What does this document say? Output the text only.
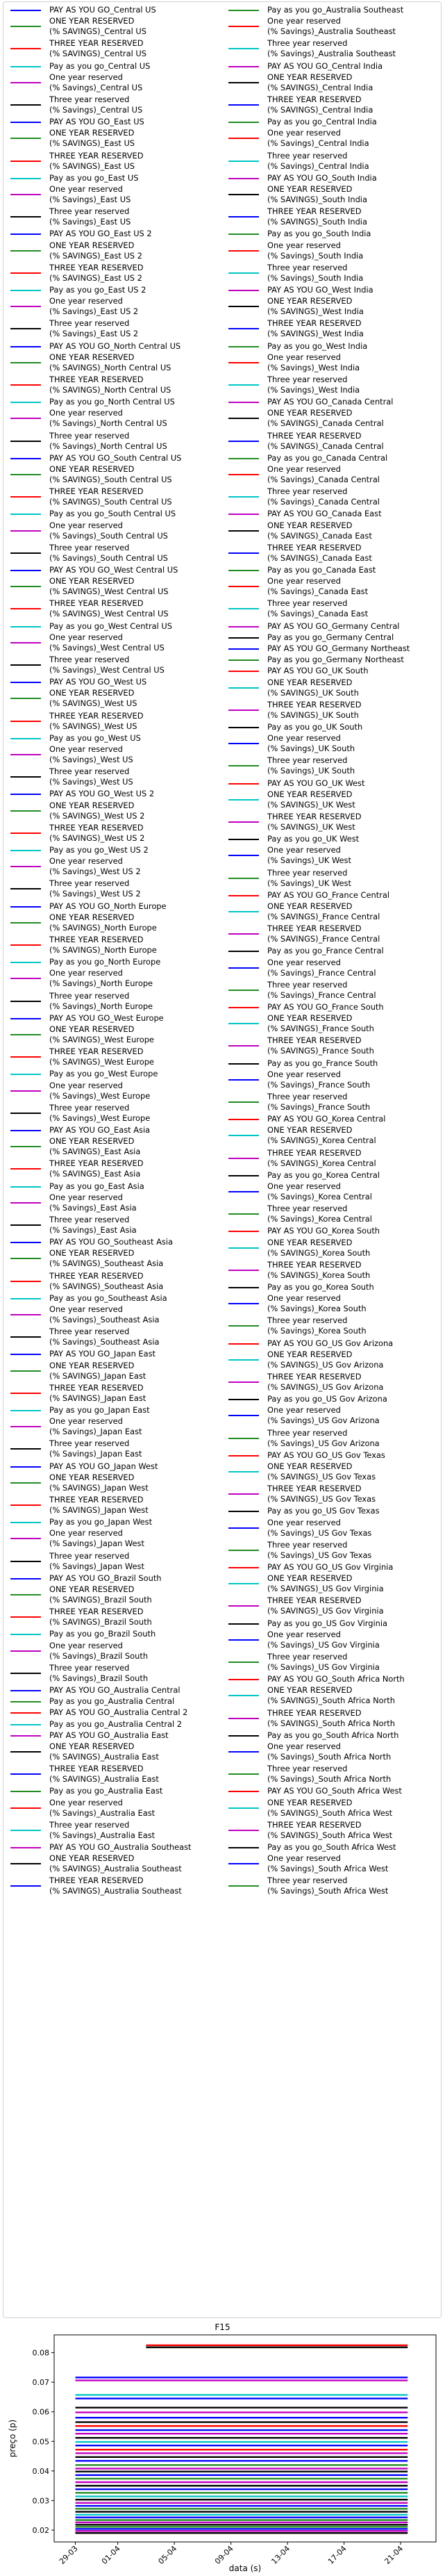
PAY AS YOU GO_Central US
ONE YEAR RESERVED
(% SAVINGS)_Central US
THREE YEAR RESERVED
(% SAVINGS)_Central US
Pay as you go_Central US
One year reserved
(% Savings)_Central US
Three year reserved
(% Savings)_Central US
PAY AS YOU GO_East US
ONE YEAR RESERVED
(% SAVINGS)_East US
THREE YEAR RESERVED
(% SAVINGS)_East US
Pay as you go_East US
One year reserved
(% Savings)_East US
Three year reserved
(% Savings)_East US
PAY AS YOU GO_East US 2
ONE YEAR RESERVED
(% SAVINGS)_East US 2
THREE YEAR RESERVED
(% SAVINGS)_East US 2
Pay as you go_East US 2
One year reserved
(% Savings)_East US 2
Three year reserved
(% Savings)_East US 2
PAY AS YOU GO_North Central US
ONE YEAR RESERVED
(% SAVINGS)_North Central US
THREE YEAR RESERVED
(% SAVINGS)_North Central US
Pay as you go_North Central US
One year reserved
(% Savings)_North Central US
Three year reserved
(% Savings)_North Central US
PAY AS YOU GO_South Central US
ONE YEAR RESERVED
(% SAVINGS)_South Central US
THREE YEAR RESERVED
(% SAVINGS)_South Central US
Pay as you go_South Central US
One year reserved
(% Savings)_South Central US
Three year reserved
(% Savings)_South Central US
PAY AS YOU GO_West Central US
ONE YEAR RESERVED
(% SAVINGS)_West Central US
THREE YEAR RESERVED
(% SAVINGS)_West Central US
Pay as you go_West Central US
One year reserved
(% Savings)_West Central US
Three year reserved
(% Savings)_West Central US
PAY AS YOU GO_West US
ONE YEAR RESERVED
(% SAVINGS)_West US
THREE YEAR RESERVED
(% SAVINGS)_West US
Pay as you go_West US
One year reserved
(% Savings)_West US
Three year reserved
(% Savings)_West US
PAY AS YOU GO_West US 2
ONE YEAR RESERVED
(% SAVINGS)_West US 2
THREE YEAR RESERVED
(% SAVINGS)_West US 2
Pay as you go_West US 2
One year reserved
(% Savings)_West US 2
Three year reserved
(% Savings)_West US 2
PAY AS YOU GO_North Europe
ONE YEAR RESERVED
(% SAVINGS)_North Europe
THREE YEAR RESERVED
(% SAVINGS)_North Europe
Pay as you go_North Europe
One year reserved
(% Savings)_North Europe
Three year reserved
(% Savings)_North Europe
PAY AS YOU GO_West Europe
ONE YEAR RESERVED
(% SAVINGS)_West Europe
THREE YEAR RESERVED
(% SAVINGS)_West Europe
Pay as you go_West Europe
One year reserved
(% Savings)_West Europe
Three year reserved
(% Savings)_West Europe
PAY AS YOU GO_East Asia
ONE YEAR RESERVED
(% SAVINGS)_East Asia
THREE YEAR RESERVED
(% SAVINGS)_East Asia
Pay as you go_East Asia
One year reserved
(% Savings)_East Asia
Three year reserved
(% Savings)_East Asia
PAY AS YOU GO_Southeast Asia
ONE YEAR RESERVED
(% SAVINGS)_Southeast Asia
THREE YEAR RESERVED
(% SAVINGS)_Southeast Asia
Pay as you go_Southeast Asia
One year reserved
(% Savings)_Southeast Asia
Three year reserved
(% Savings)_Southeast Asia
PAY AS YOU GO_Japan East
ONE YEAR RESERVED
(% SAVINGS)_Japan East
THREE YEAR RESERVED
(% SAVINGS)_Japan East
Pay as you go_Japan East
One year reserved
(% Savings)_Japan East
Three year reserved
(% Savings)_Japan East
PAY AS YOU GO_Japan West
ONE YEAR RESERVED
(% SAVINGS)_Japan West
THREE YEAR RESERVED
(% SAVINGS)_Japan West
Pay as you go_Japan West
One year reserved
(% Savings)_Japan West
Three year reserved
(% Savings)_Japan West
PAY AS YOU GO_Brazil South
ONE YEAR RESERVED
(% SAVINGS)_Brazil South
THREE YEAR RESERVED
(% SAVINGS)_Brazil South
Pay as you go_Brazil South
One year reserved
(% Savings)_Brazil South
Three year reserved
(% Savings)_Brazil South
PAY AS YOU GO_Australia Central
Pay as you go_Australia Central
PAY AS YOU GO_Australia Central 2
Pay as you go_Australia Central 2
PAY AS YOU GO_Australia East
ONE YEAR RESERVED
(% SAVINGS)_Australia East
THREE YEAR RESERVED
(% SAVINGS)_Australia East
Pay as you go_Australia East
One year reserved
(% Savings)_Australia East
Three year reserved
(% Savings)_Australia East
PAY AS YOU GO_Australia Southeast
ONE YEAR RESERVED
(% SAVINGS)_Australia Southeast
THREE YEAR RESERVED
(% SAVINGS)_Australia Southeast
Pay as you go_Australia Southeast
One year reserved
(% Savings)_Australia Southeast
Three year reserved
(% Savings)_Australia Southeast
PAY AS YOU GO_Central India
ONE YEAR RESERVED
(% SAVINGS)_Central India
THREE YEAR RESERVED
(% SAVINGS)_Central India
Pay as you go_Central India
One year reserved
(% Savings)_Central India
Three year reserved
(% Savings)_Central India
PAY AS YOU GO_South India
ONE YEAR RESERVED
(% SAVINGS)_South India
THREE YEAR RESERVED
(% SAVINGS)_South India
Pay as you go_South India
One year reserved
(% Savings)_South India
Three year reserved
(% Savings)_South India
PAY AS YOU GO_West India
ONE YEAR RESERVED
(% SAVINGS)_West India
THREE YEAR RESERVED
(% SAVINGS)_West India
Pay as you go_West India
One year reserved
(% Savings)_West India
Three year reserved
(% Savings)_West India
PAY AS YOU GO_Canada Central
ONE YEAR RESERVED
(% SAVINGS)_Canada Central
THREE YEAR RESERVED
(% SAVINGS)_Canada Central
Pay as you go_Canada Central
One year reserved
(% Savings)_Canada Central
Three year reserved
(% Savings)_Canada Central
PAY AS YOU GO_Canada East
ONE YEAR RESERVED
(% SAVINGS)_Canada East
THREE YEAR RESERVED
(% SAVINGS)_Canada East
Pay as you go_Canada East
One year reserved
(% Savings)_Canada East
Three year reserved
(% Savings)_Canada East
PAY AS YOU GO_Germany Central
Pay as you go_Germany Central
PAY AS YOU GO_Germany Northeast
Pay as you go_Germany Northeast
PAY AS YOU GO_UK South
ONE YEAR RESERVED
(% SAVINGS)_UK South
THREE YEAR RESERVED
(% SAVINGS)_UK South
Pay as you go_UK South
One year reserved
(% Savings)_UK South
Three year reserved
(% Savings)_UK South
PAY AS YOU GO_UK West
ONE YEAR RESERVED
(% SAVINGS)_UK West
THREE YEAR RESERVED
(% SAVINGS)_UK West
Pay as you go_UK West
One year reserved
(% Savings)_UK West
Three year reserved
(% Savings)_UK West
PAY AS YOU GO_France Central
ONE YEAR RESERVED
(% SAVINGS)_France Central
THREE YEAR RESERVED
(% SAVINGS)_France Central
Pay as you go_France Central
One year reserved
(% Savings)_France Central
Three year reserved
(% Savings)_France Central
PAY AS YOU GO_France South
ONE YEAR RESERVED
(% SAVINGS)_France South
THREE YEAR RESERVED
(% SAVINGS)_France South
Pay as you go_France South
One year reserved
(% Savings)_France South
Three year reserved
(% Savings)_France South
PAY AS YOU GO_Korea Central
ONE YEAR RESERVED
(% SAVINGS)_Korea Central
THREE YEAR RESERVED
(% SAVINGS)_Korea Central
Pay as you go_Korea Central
One year reserved
(% Savings)_Korea Central
Three year reserved
(% Savings)_Korea Central
PAY AS YOU GO_Korea South
ONE YEAR RESERVED
(% SAVINGS)_Korea South
THREE YEAR RESERVED
(% SAVINGS)_Korea South
Pay as you go_Korea South
One year reserved
(% Savings)_Korea South
Three year reserved
(% Savings)_Korea South
PAY AS YOU GO_US Gov Arizona
ONE YEAR RESERVED
(% SAVINGS)_US Gov Arizona
THREE YEAR RESERVED
(% SAVINGS)_US Gov Arizona
Pay as you go_US Gov Arizona
One year reserved
(% Savings)_US Gov Arizona
Three year reserved
(% Savings)_US Gov Arizona
PAY AS YOU GO_US Gov Texas
ONE YEAR RESERVED
(% SAVINGS)_US Gov Texas
THREE YEAR RESERVED
(% SAVINGS)_US Gov Texas
Pay as you go_US Gov Texas
One year reserved
(% Savings)_US Gov Texas
Three year reserved
(% Savings)_US Gov Texas
PAY AS YOU GO_US Gov Virginia
ONE YEAR RESERVED
(% SAVINGS)_US Gov Virginia
THREE YEAR RESERVED
(% SAVINGS)_US Gov Virginia
Pay as you go_US Gov Virginia
One year reserved
(% Savings)_US Gov Virginia
Three year reserved
(% Savings)_US Gov Virginia
PAY AS YOU GO_South Africa North
ONE YEAR RESERVED
(% SAVINGS)_South Africa North
THREE YEAR RESERVED
(% SAVINGS)_South Africa North
Pay as you go_South Africa North
One year reserved
(% Savings)_South Africa North
Three year reserved
(% Savings)_South Africa North
PAY AS YOU GO_South Africa West
ONE YEAR RESERVED
(% SAVINGS)_South Africa West
THREE YEAR RESERVED
(% SAVINGS)_South Africa West
Pay as you go_South Africa West
One year reserved
(% Savings)_South Africa West
Three year reserved
(% Savings)_South Africa West
F15
0.02
0.03
0.04
0.05
0.06
0.07
0.08
29-03	01-04	05-04	09-04	13-04	17-04	21-04
data (s)
preço (p)
